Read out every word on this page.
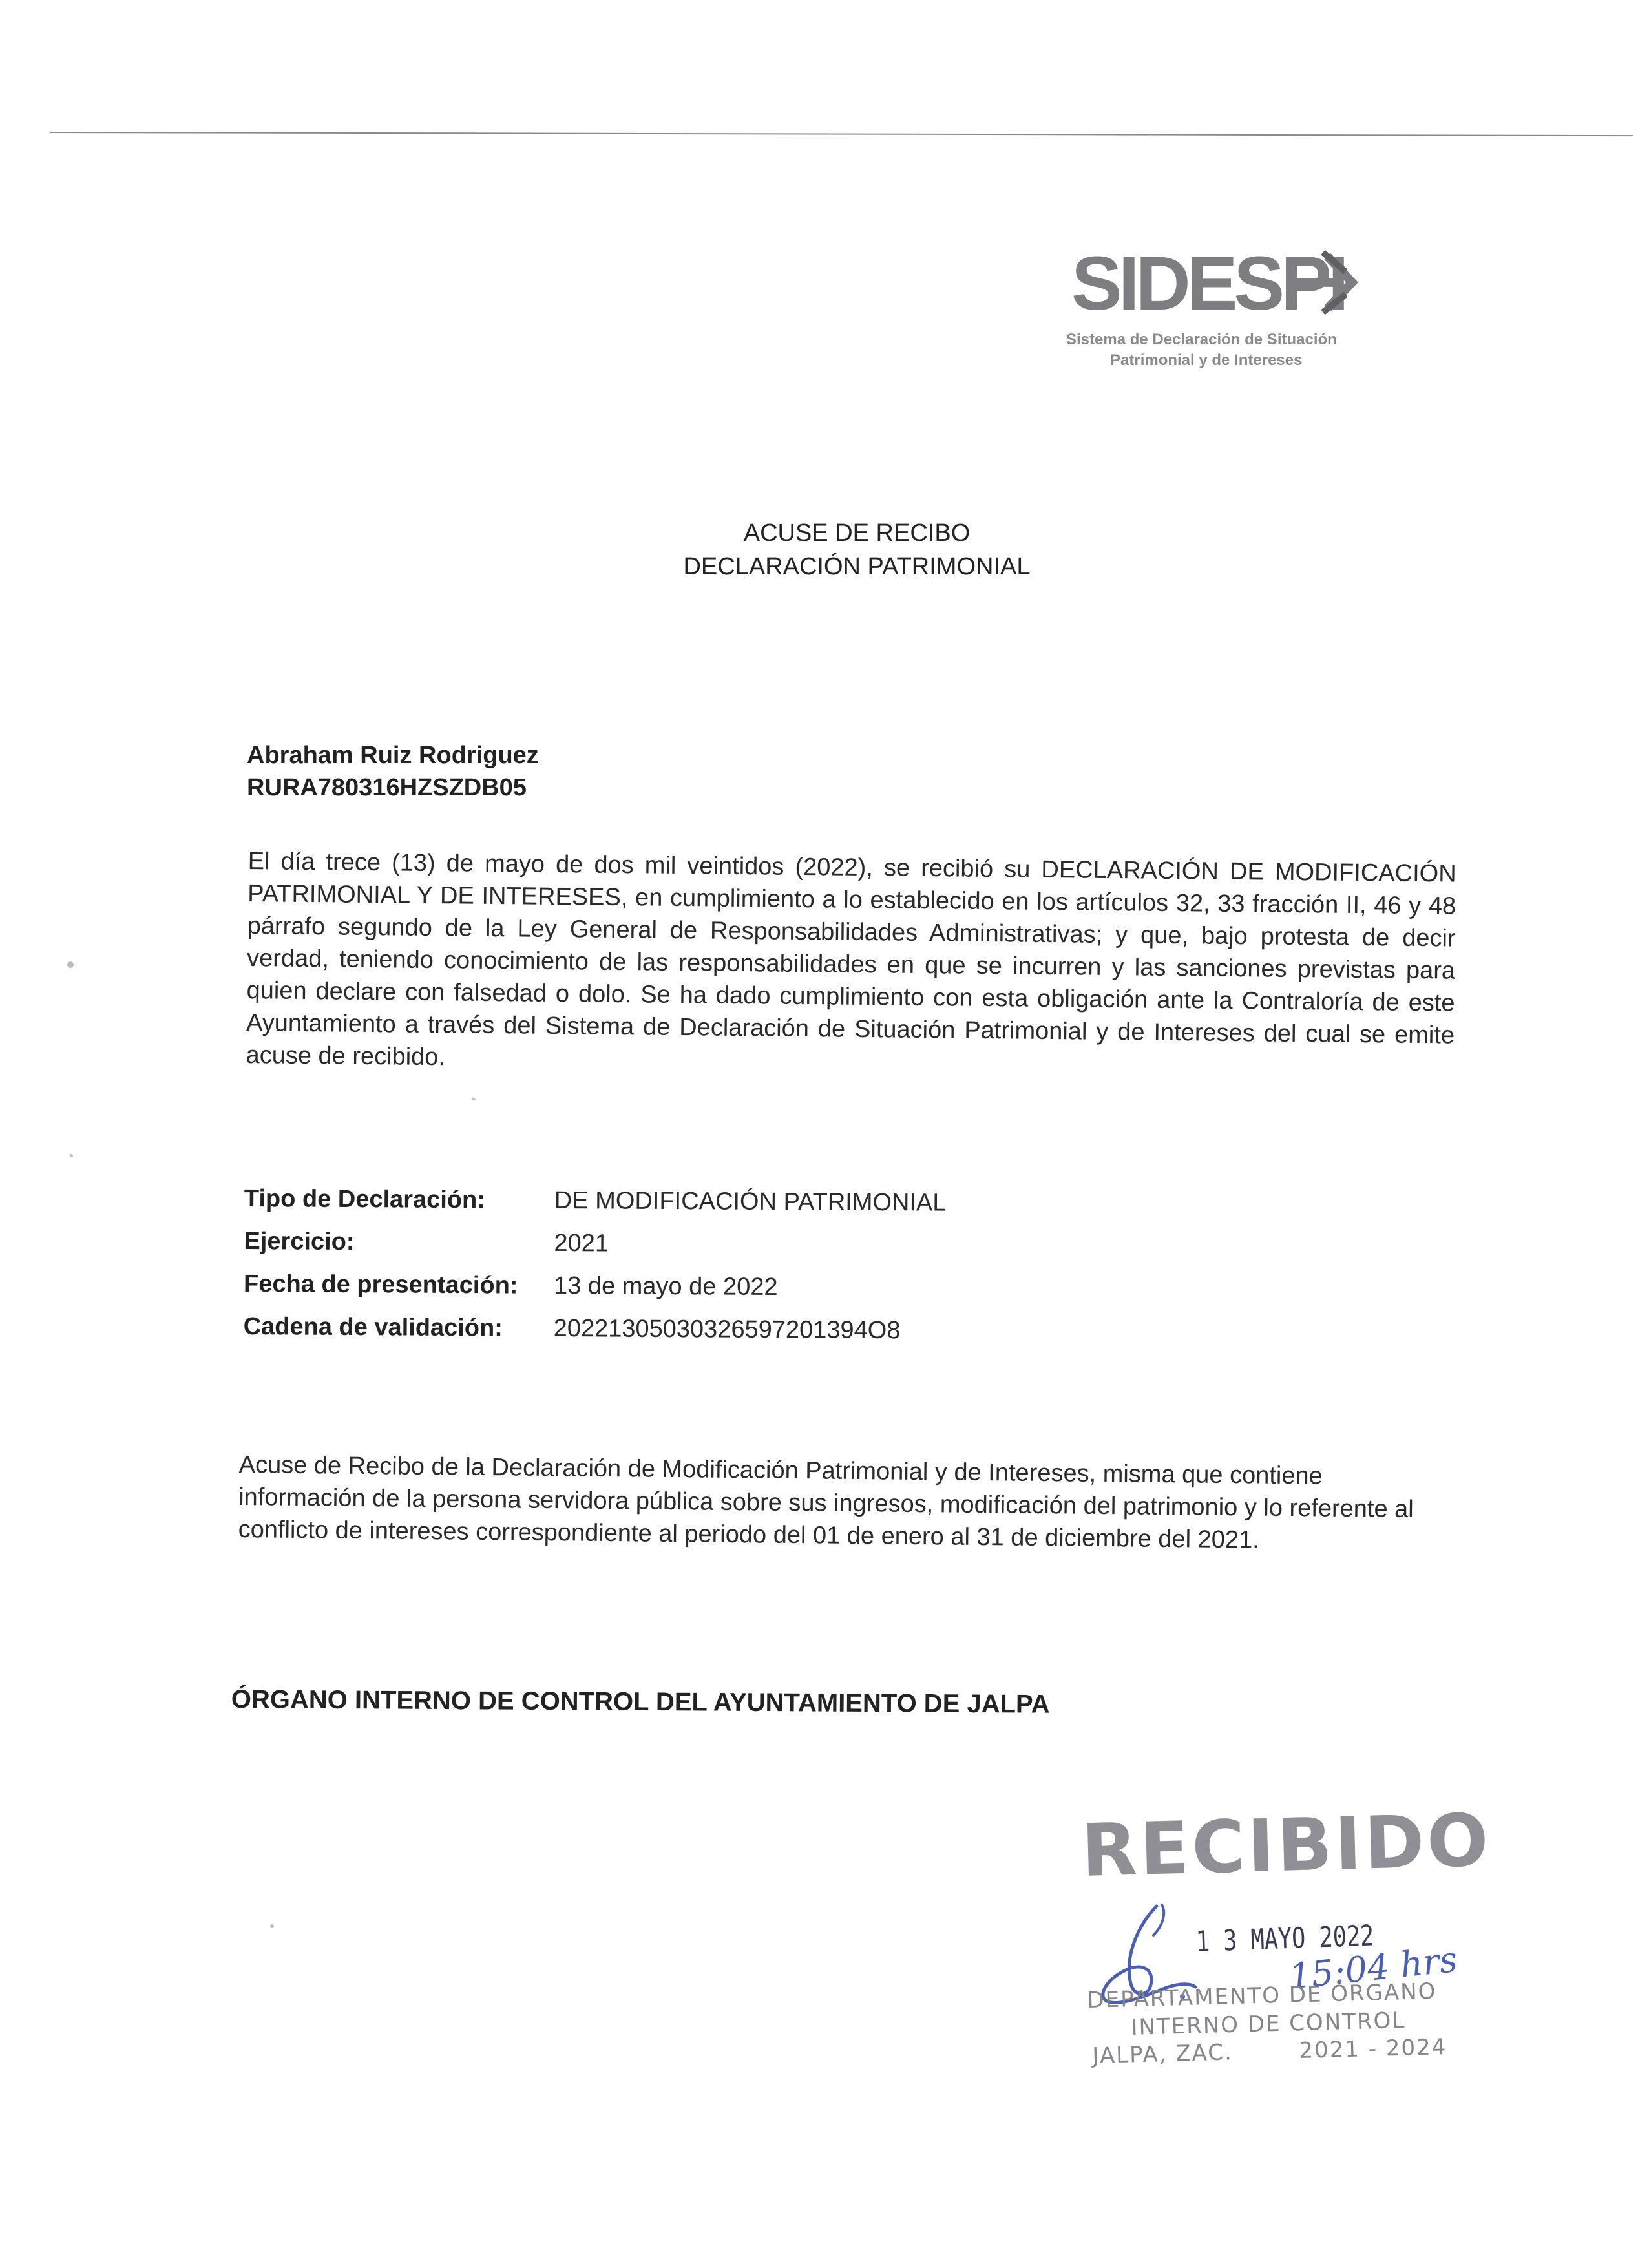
SIDESPI
Sistema de Declaración de Situación
Patrimonial y de Intereses
ACUSE DE RECIBO
DECLARACIÓN PATRIMONIAL
Abraham Ruiz Rodriguez
RURA780316HZSZDB05
El día trece (13) de mayo de dos mil veintidos (2022), se recibió su DECLARACIÓN DE MODIFICACIÓN PATRIMONIAL Y DE INTERESES, en cumplimiento a lo establecido en los artículos 32, 33 fracción II, 46 y 48 párrafo segundo de la Ley General de Responsabilidades Administrativas; y que, bajo protesta de decir verdad, teniendo conocimiento de las responsabilidades en que se incurren y las sanciones previstas para quien declare con falsedad o dolo. Se ha dado cumplimiento con esta obligación ante la Contraloría de este Ayuntamiento a través del Sistema de Declaración de Situación Patrimonial y de Intereses del cual se emite acuse de recibido.
Tipo de Declaración:	DE MODIFICACIÓN PATRIMONIAL
Ejercicio:	2021
Fecha de presentación: 13 de mayo de 2022
Cadena de validación: 20221305030326597201394O8
Acuse de Recibo de la Declaración de Modificación Patrimonial y de Intereses, misma que contiene información de la persona servidora pública sobre sus ingresos, modificación del patrimonio y lo referente al conflicto de intereses correspondiente al periodo del 01 de enero al 31 de diciembre del 2021.
ÓRGANO INTERNO DE CONTROL DEL AYUNTAMIENTO DE JALPA
RECIBIDO
1 3 MAYO 2022
15:04 hrs
DEPARTAMENTO DE ÓRGANO
INTERNO DE CONTROL
JALPA, ZAC.	2021 - 2024
